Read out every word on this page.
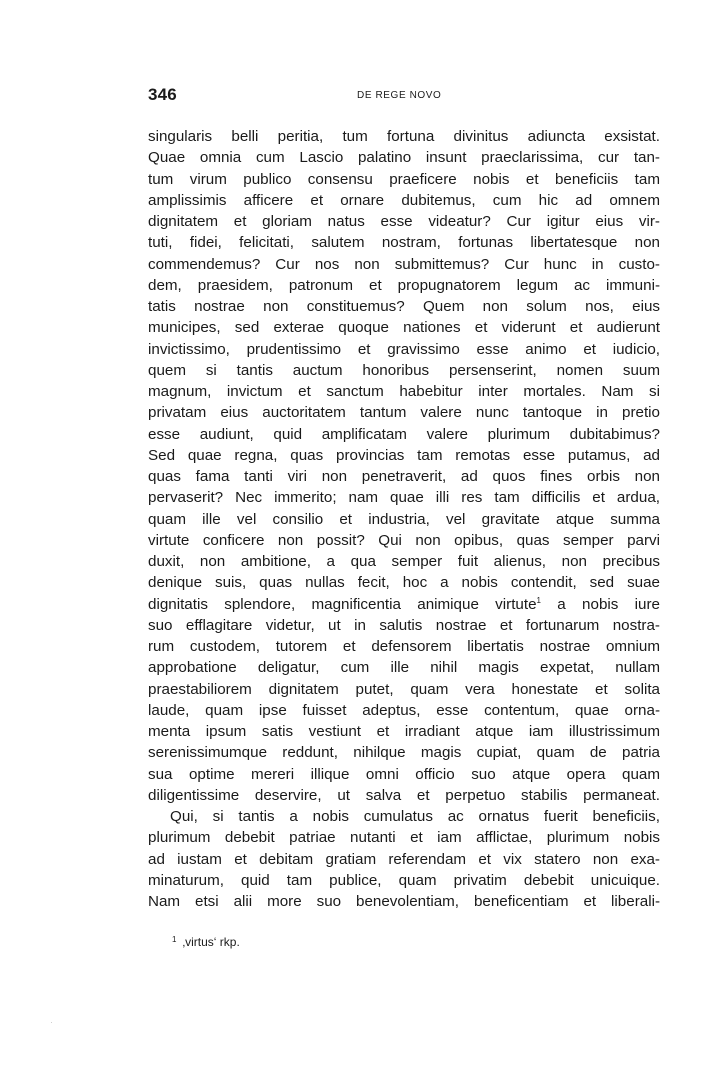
346	DE REGE NOVO
singularis belli peritia, tum fortuna divinitus adiuncta exsistat.
Quae omnia cum Lascio palatino insunt praeclarissima, cur tan-
tum virum publico consensu praeficere nobis et beneficiis tam
amplissimis afficere et ornare dubitemus, cum hic ad omnem
dignitatem et gloriam natus esse videatur? Cur igitur eius vir-
tuti, fidei, felicitati, salutem nostram, fortunas libertatesque non
commendemus? Cur nos non submittemus? Cur hunc in custo-
dem, praesidem, patronum et propugnatorem legum ac immuni-
tatis nostrae non constituemus? Quem non solum nos, eius
municipes, sed exterae quoque nationes et viderunt et audierunt
invictissimo, prudentissimo et gravissimo esse animo et iudicio,
quem si tantis auctum honoribus persenserint, nomen suum
magnum, invictum et sanctum habebitur inter mortales. Nam si
privatam eius auctoritatem tantum valere nunc tantoque in pretio
esse audiunt, quid amplificatam valere plurimum dubitabimus?
Sed quae regna, quas provincias tam remotas esse putamus, ad
quas fama tanti viri non penetraverit, ad quos fines orbis non
pervaserit? Nec immerito; nam quae illi res tam difficilis et ardua,
quam ille vel consilio et industria, vel gravitate atque summa
virtute conficere non possit? Qui non opibus, quas semper parvi
duxit, non ambitione, a qua semper fuit alienus, non precibus
denique suis, quas nullas fecit, hoc a nobis contendit, sed suae
dignitatis splendore, magnificentia animique virtute$^1$ a nobis iure
suo efflagitare videtur, ut in salutis nostrae et fortunarum nostra-
rum custodem, tutorem et defensorem libertatis nostrae omnium
approbatione deligatur, cum ille nihil magis expetat, nullam
praestabiliorem dignitatem putet, quam vera honestate et solita
laude, quam ipse fuisset adeptus, esse contentum, quae orna-
menta ipsum satis vestiunt et irradiant atque iam illustrissimum
serenissimumque reddunt, nihilque magis cupiat, quam de patria
sua optime mereri illique omni officio suo atque opera quam
diligentissime deservire, ut salva et perpetuo stabilis permaneat.
Qui, si tantis a nobis cumulatus ac ornatus fuerit beneficiis,
plurimum debebit patriae nutanti et iam afflictae, plurimum nobis
ad iustam et debitam gratiam referendam et vix statero non exa-
minaturum, quid tam publice, quam privatim debebit unicuique.
Nam etsi alii more suo benevolentiam, beneficentiam et liberali-
$^1$ ‚virtus‘ rkp.
